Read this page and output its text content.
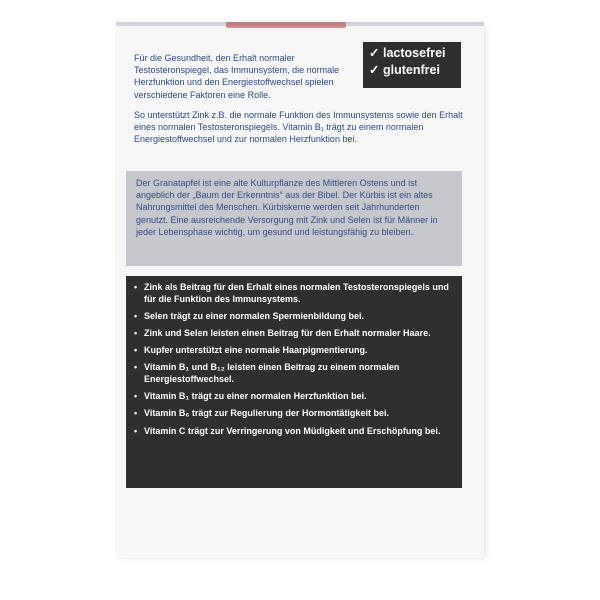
Für die Gesundheit, den Erhalt normaler Testosteronspiegel, das Immunsystem, die normale Herzfunktion und den Energiestoffwechsel spielen verschiedene Faktoren eine Rolle.
✓ lactosefrei
✓ glutenfrei
So unterstützt Zink z.B. die normale Funktion des Immunsystems sowie den Erhalt eines normalen Testosteronspiegels. Vitamin B₁ trägt zu einem normalen Energiestoffwechsel und zur normalen Herzfunktion bei.
Der Granatapfel ist eine alte Kulturpflanze des Mittleren Ostens und ist angeblich der „Baum der Erkenntnis“ aus der Bibel. Der Kürbis ist ein altes Nahrungsmittel des Menschen. Kürbiskerne werden seit Jahrhunderten genutzt. Eine ausreichende Versorgung mit Zink und Selen ist für Männer in jeder Lebensphase wichtig, um gesund und leistungsfähig zu bleiben.
• Zink als Beitrag für den Erhalt eines normalen Testosteronspiegels und für die Funktion des Immunsystems.
• Selen trägt zu einer normalen Spermienbildung bei.
• Zink und Selen leisten einen Beitrag für den Erhalt normaler Haare.
• Kupfer unterstützt eine normale Haarpigmentierung.
• Vitamin B₁ und B₁₂ leisten einen Beitrag zu einem normalen Energiestoffwechsel.
• Vitamin B₁ trägt zu einer normalen Herzfunktion bei.
• Vitamin B₆ trägt zur Regulierung der Hormontätigkeit bei.
• Vitamin C trägt zur Verringerung von Müdigkeit und Erschöpfung bei.
